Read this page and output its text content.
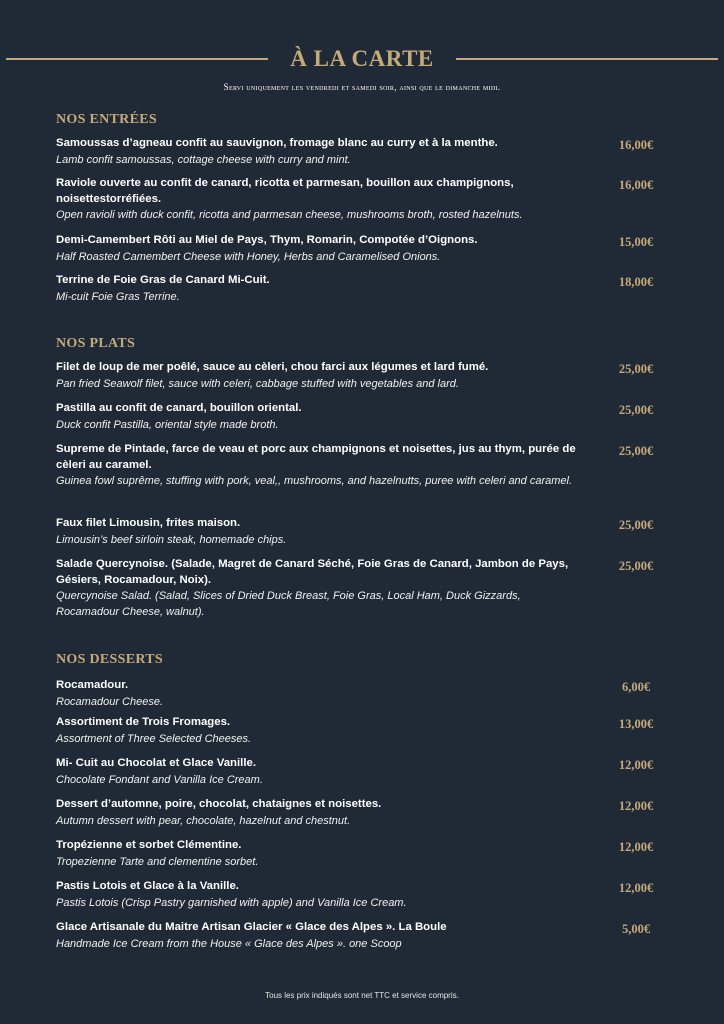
À LA CARTE
Servi uniquement les vendredi et samedi soir, ainsi que le dimanche midi.
NOS ENTRÉES
Samoussas d’agneau confit au sauvignon, fromage blanc au curry et à la menthe.
Lamb confit samoussas, cottage cheese with curry and mint.
16,00€
Raviole ouverte au confit de canard, ricotta et parmesan, bouillon aux champignons, noisettestorréfiées.
Open ravioli with duck confit, ricotta and parmesan cheese, mushrooms broth, rosted hazelnuts.
16,00€
Demi-Camembert Rôti au Miel de Pays, Thym, Romarin, Compotée d’Oignons.
Half Roasted Camembert Cheese with Honey, Herbs and Caramelised Onions.
15,00€
Terrine de Foie Gras de Canard Mi-Cuit.
Mi-cuit Foie Gras Terrine.
18,00€
NOS PLATS
Filet de loup de mer poêlé, sauce au cèleri, chou farci aux légumes et lard fumé.
Pan fried Seawolf filet, sauce with celeri, cabbage stuffed with vegetables and lard.
25,00€
Pastilla au confit de canard, bouillon oriental.
Duck confit Pastilla, oriental style made broth.
25,00€
Supreme de Pintade, farce de veau et porc aux champignons et noisettes, jus au thym, purée de cèleri au caramel.
Guinea fowl suprême, stuffing with pork, veal,, mushrooms, and hazelnutts, puree with celeri and caramel.
25,00€
Faux filet Limousin, frites maison.
Limousin’s beef sirloin steak, homemade chips.
25,00€
Salade Quercynoise. (Salade, Magret de Canard Séché, Foie Gras de Canard, Jambon de Pays, Gésiers, Rocamadour, Noix).
Quercynoise Salad. (Salad, Slices of Dried Duck Breast, Foie Gras, Local Ham, Duck Gizzards, Rocamadour Cheese, walnut).
25,00€
NOS DESSERTS
Rocamadour.
Rocamadour Cheese.
6,00€
Assortiment de Trois Fromages.
Assortment of Three Selected Cheeses.
13,00€
Mi- Cuit au Chocolat et Glace Vanille.
Chocolate Fondant and Vanilla Ice Cream.
12,00€
Dessert d’automne, poire, chocolat, chataignes et noisettes.
Autumn dessert with pear, chocolate, hazelnut and chestnut.
12,00€
Tropézienne et sorbet Clémentine.
Tropezienne Tarte and clementine sorbet.
12,00€
Pastis Lotois et Glace à la Vanille.
Pastis Lotois (Crisp Pastry garnished with apple) and Vanilla Ice Cream.
12,00€
Glace Artisanale du Maitre Artisan Glacier « Glace des Alpes ». La Boule
Handmade Ice Cream from the House « Glace des Alpes ». one Scoop
5,00€
Tous les prix indiqués sont net TTC et service compris.
